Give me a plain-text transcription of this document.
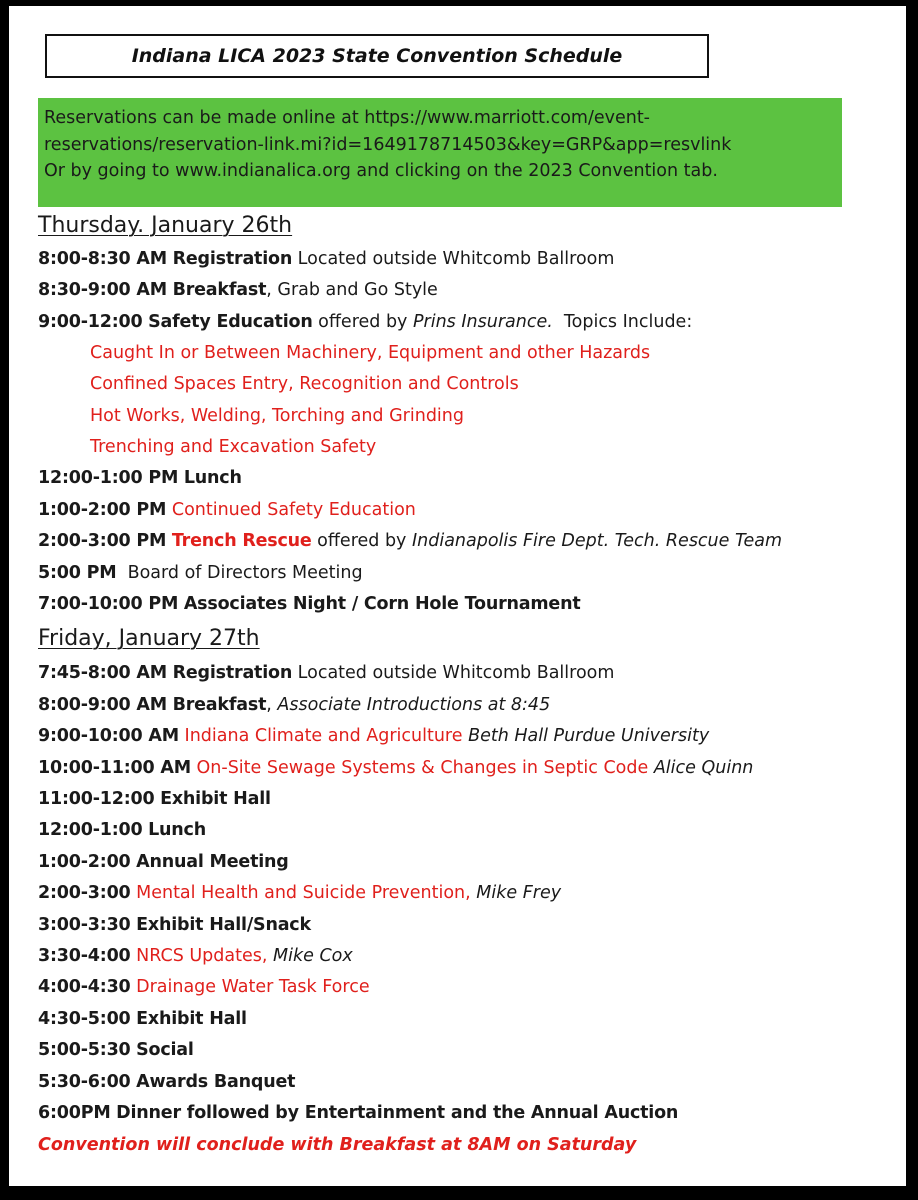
Indiana LICA 2023 State Convention Schedule
Reservations can be made online at https://www.marriott.com/event-
reservations/reservation-link.mi?id=1649178714503&key=GRP&app=resvlink
Or by going to www.indianalica.org and clicking on the 2023 Convention tab.
Thursday. January 26th
8:00-8:30 AM Registration Located outside Whitcomb Ballroom
8:30-9:00 AM Breakfast, Grab and Go Style
9:00-12:00 Safety Education offered by Prins Insurance.  Topics Include:
Caught In or Between Machinery, Equipment and other Hazards
Confined Spaces Entry, Recognition and Controls
Hot Works, Welding, Torching and Grinding
Trenching and Excavation Safety
12:00-1:00 PM Lunch
1:00-2:00 PM Continued Safety Education
2:00-3:00 PM Trench Rescue offered by Indianapolis Fire Dept. Tech. Rescue Team
5:00 PM  Board of Directors Meeting
7:00-10:00 PM Associates Night / Corn Hole Tournament
Friday, January 27th
7:45-8:00 AM Registration Located outside Whitcomb Ballroom
8:00-9:00 AM Breakfast, Associate Introductions at 8:45
9:00-10:00 AM Indiana Climate and Agriculture Beth Hall Purdue University
10:00-11:00 AM On-Site Sewage Systems & Changes in Septic Code Alice Quinn
11:00-12:00 Exhibit Hall
12:00-1:00 Lunch
1:00-2:00 Annual Meeting
2:00-3:00 Mental Health and Suicide Prevention, Mike Frey
3:00-3:30 Exhibit Hall/Snack
3:30-4:00 NRCS Updates, Mike Cox
4:00-4:30 Drainage Water Task Force
4:30-5:00 Exhibit Hall
5:00-5:30 Social
5:30-6:00 Awards Banquet
6:00PM Dinner followed by Entertainment and the Annual Auction
Convention will conclude with Breakfast at 8AM on Saturday
